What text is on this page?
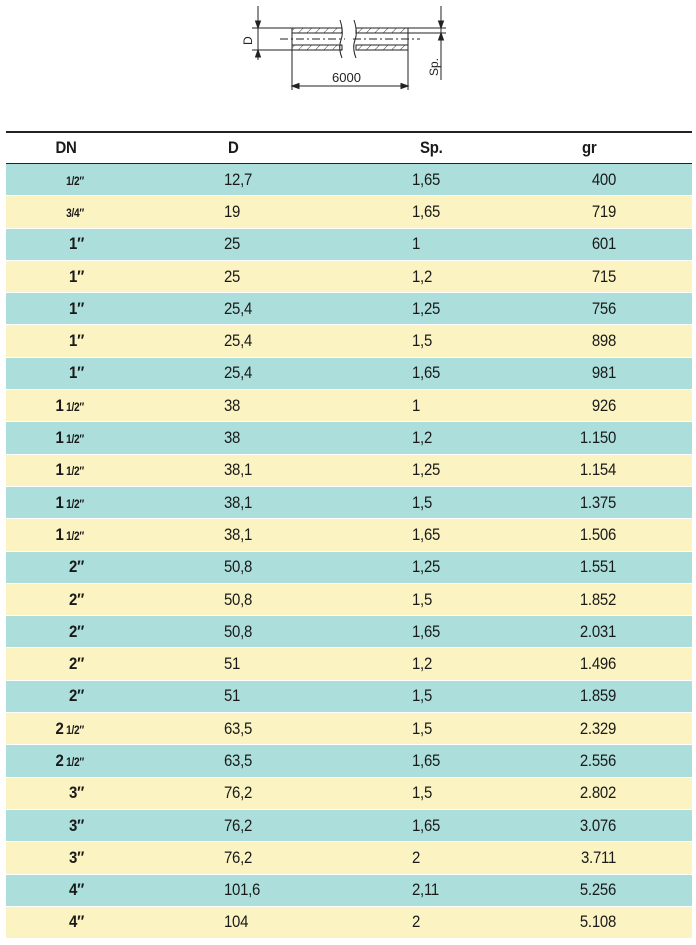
D
6000
Sp.
DN	D	Sp.	gr
1/2″	12,7	1,65	400
3/4″	19	1,65	719
1″	25	1	601
1″	25	1,2	715
1″	25,4	1,25	756
1″	25,4	1,5	898
1″	25,4	1,65	981
1 1/2″	38	1	926
1 1/2″	38	1,2	1.150
1 1/2″	38,1	1,25	1.154
1 1/2″	38,1	1,5	1.375
1 1/2″	38,1	1,65	1.506
2″	50,8	1,25	1.551
2″	50,8	1,5	1.852
2″	50,8	1,65	2.031
2″	51	1,2	1.496
2″	51	1,5	1.859
2 1/2″	63,5	1,5	2.329
2 1/2″	63,5	1,65	2.556
3″	76,2	1,5	2.802
3″	76,2	1,65	3.076
3″	76,2	2	3.711
4″	101,6	2,11	5.256
4″	104	2	5.108
